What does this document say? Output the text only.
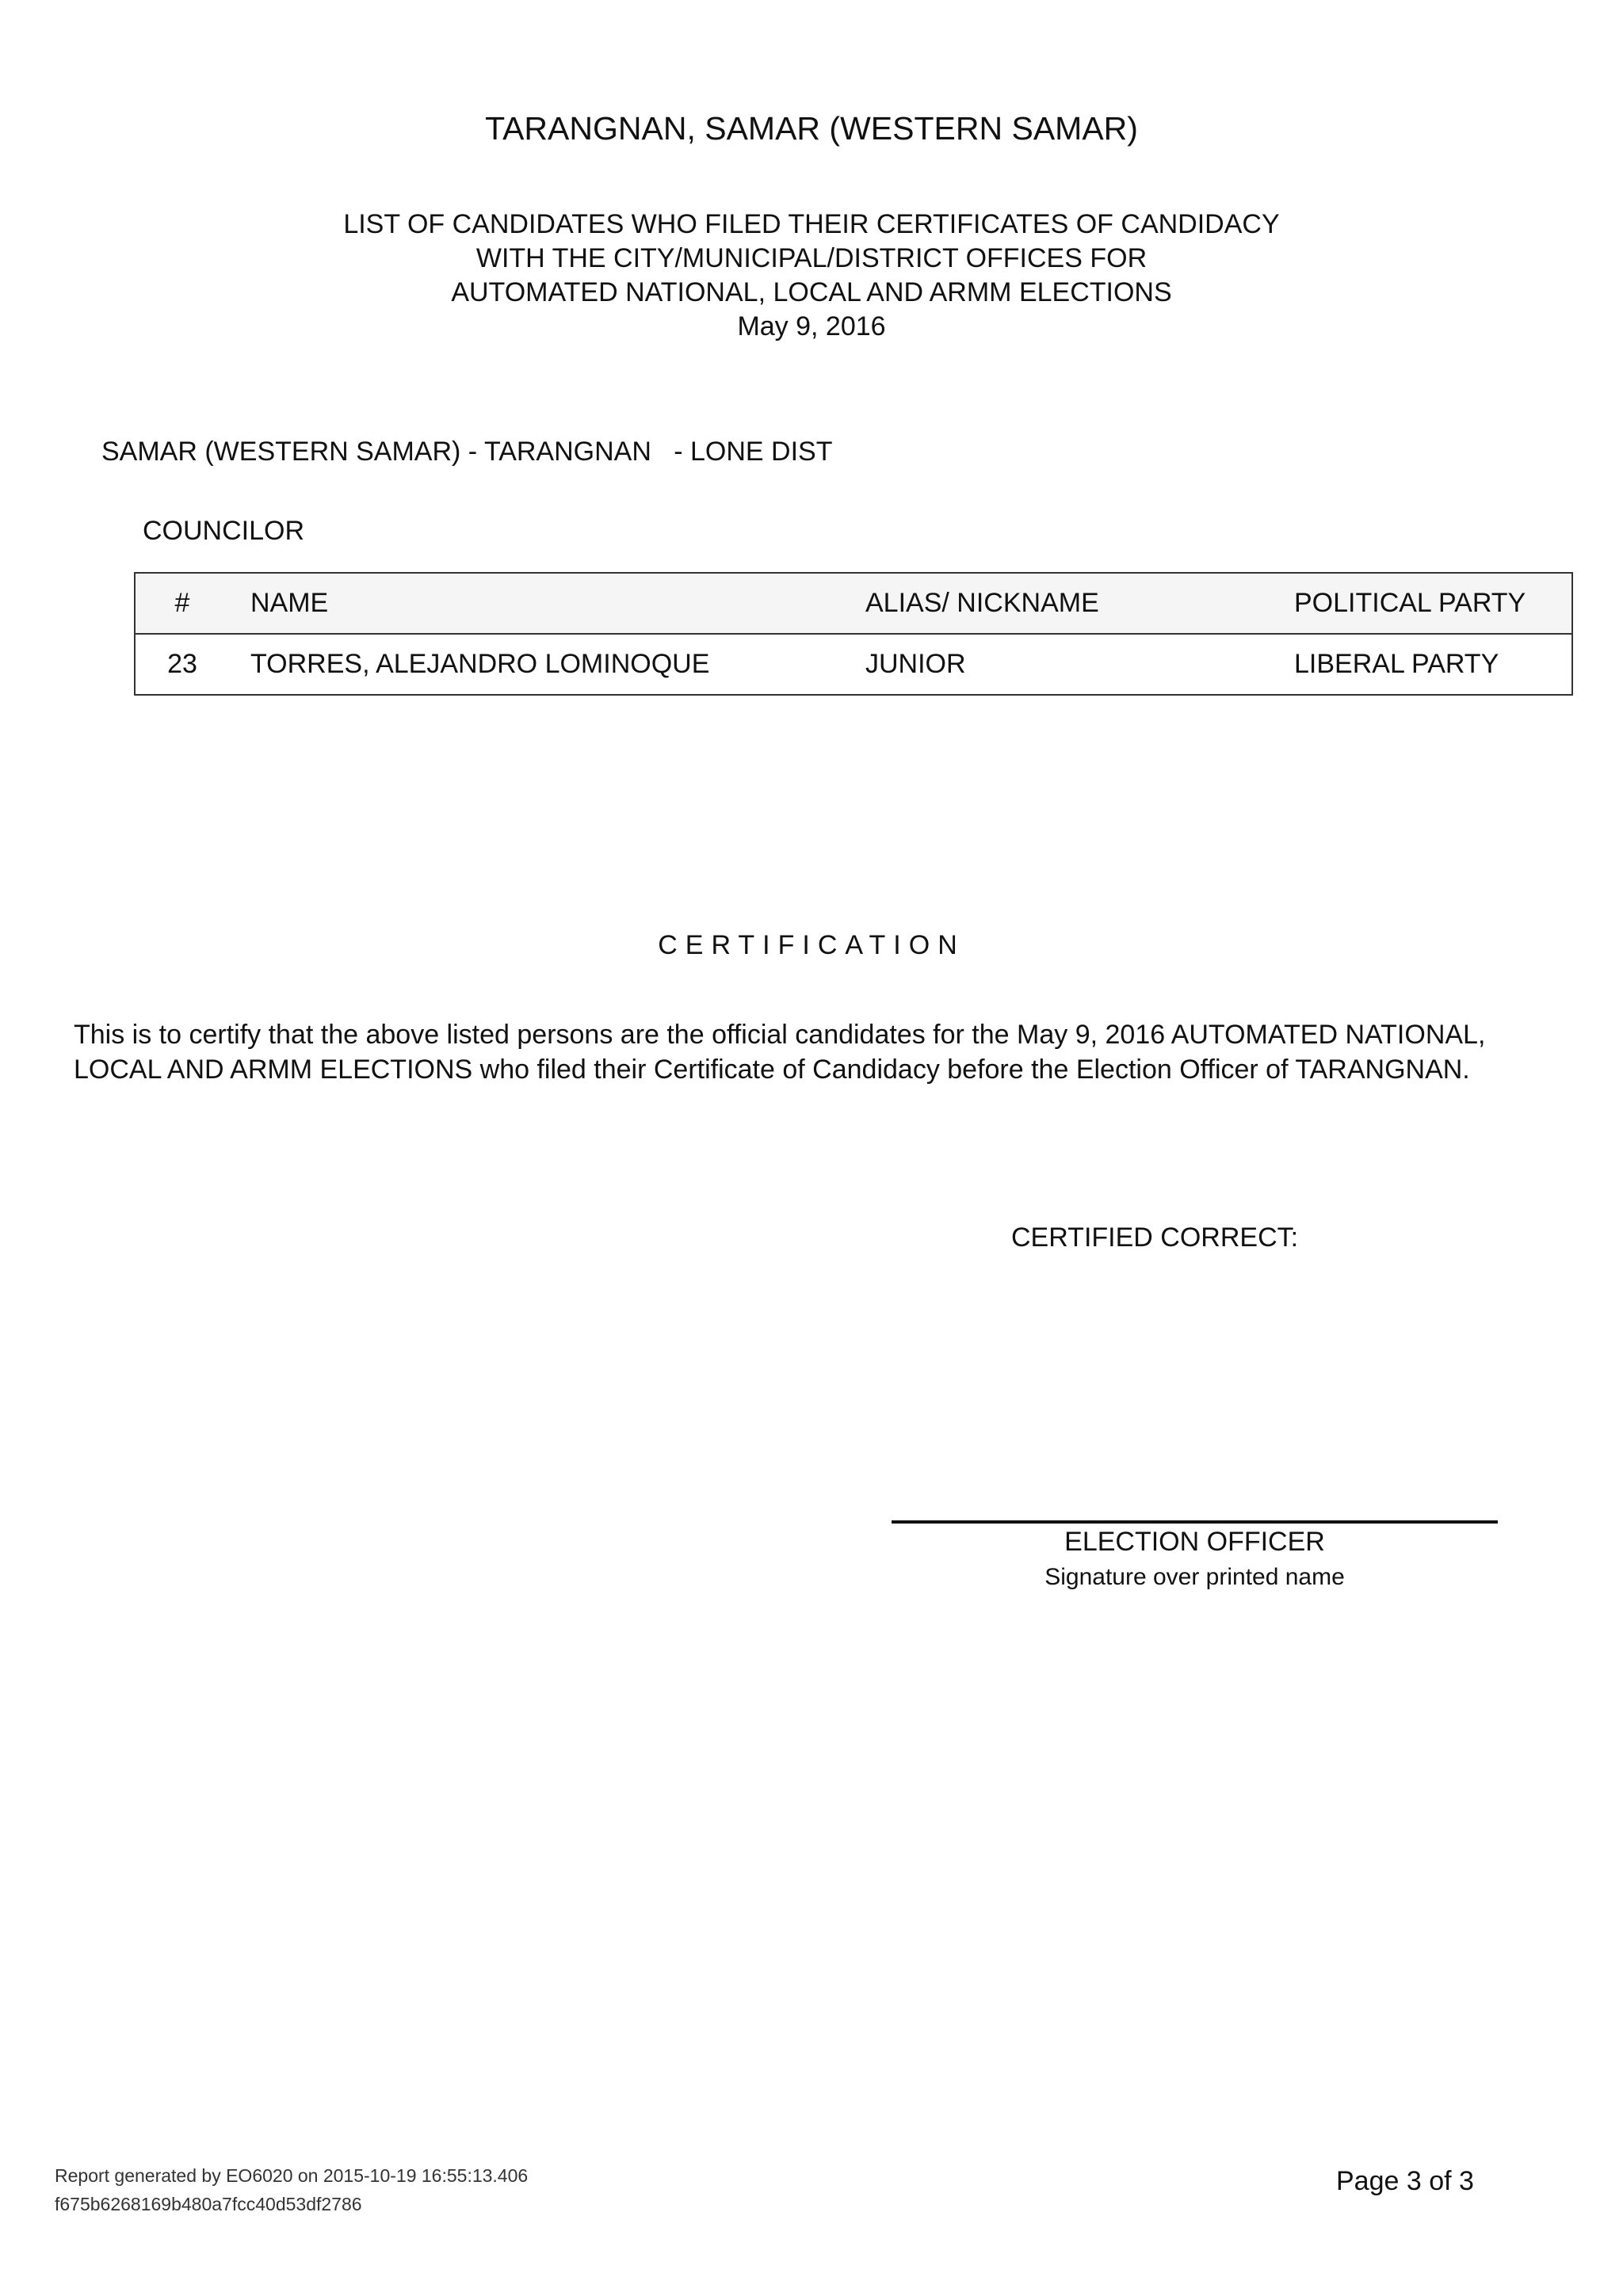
TARANGNAN, SAMAR (WESTERN SAMAR)
LIST OF CANDIDATES WHO FILED THEIR CERTIFICATES OF CANDIDACY
WITH THE CITY/MUNICIPAL/DISTRICT OFFICES FOR
AUTOMATED NATIONAL, LOCAL AND ARMM ELECTIONS
May 9, 2016
SAMAR (WESTERN SAMAR) - TARANGNAN   - LONE DIST
COUNCILOR
#	NAME	ALIAS/ NICKNAME	POLITICAL PARTY
23	TORRES, ALEJANDRO LOMINOQUE	JUNIOR	LIBERAL PARTY
CERTIFICATION
This is to certify that the above listed persons are the official candidates for the May 9, 2016 AUTOMATED NATIONAL,
LOCAL AND ARMM ELECTIONS who filed their Certificate of Candidacy before the Election Officer of TARANGNAN.
CERTIFIED CORRECT:
ELECTION OFFICER
Signature over printed name
Report generated by EO6020 on 2015-10-19 16:55:13.406
f675b6268169b480a7fcc40d53df2786
Page 3 of 3
